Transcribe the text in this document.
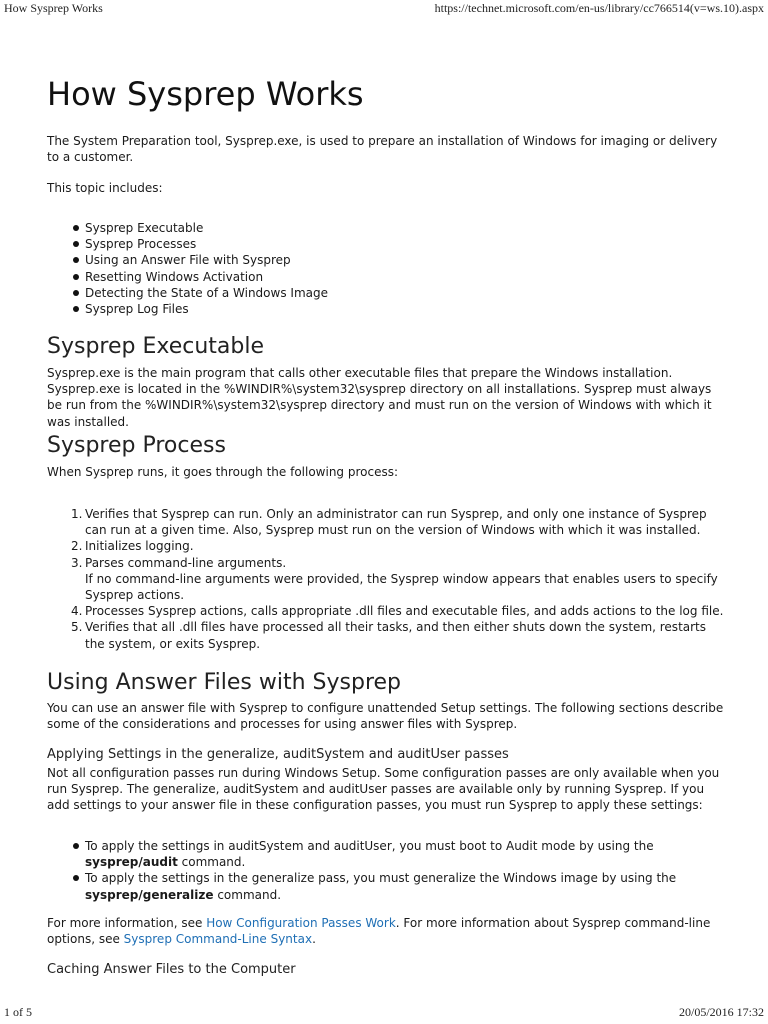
How Sysprep Works	https://technet.microsoft.com/en-us/library/cc766514(v=ws.10).aspx
How Sysprep Works

The System Preparation tool, Sysprep.exe, is used to prepare an installation of Windows for imaging or delivery to a customer.

This topic includes:

Sysprep Executable
Sysprep Processes
Using an Answer File with Sysprep
Resetting Windows Activation
Detecting the State of a Windows Image
Sysprep Log Files
Sysprep Executable

Sysprep.exe is the main program that calls other executable files that prepare the Windows installation. Sysprep.exe is located in the %WINDIR%\system32\sysprep directory on all installations. Sysprep must always be run from the %WINDIR%\system32\sysprep directory and must run on the version of Windows with which it was installed.

Sysprep Process

When Sysprep runs, it goes through the following process:

1. Verifies that Sysprep can run. Only an administrator can run Sysprep, and only one instance of Sysprep can run at a given time. Also, Sysprep must run on the version of Windows with which it was installed.
2. Initializes logging.
3. Parses command-line arguments.
If no command-line arguments were provided, the Sysprep window appears that enables users to specify Sysprep actions.
4. Processes Sysprep actions, calls appropriate .dll files and executable files, and adds actions to the log file.
5. Verifies that all .dll files have processed all their tasks, and then either shuts down the system, restarts the system, or exits Sysprep.
Using Answer Files with Sysprep

You can use an answer file with Sysprep to configure unattended Setup settings. The following sections describe some of the considerations and processes for using answer files with Sysprep.

Applying Settings in the generalize, auditSystem and auditUser passes

Not all configuration passes run during Windows Setup. Some configuration passes are only available when you run Sysprep. The generalize, auditSystem and auditUser passes are available only by running Sysprep. If you add settings to your answer file in these configuration passes, you must run Sysprep to apply these settings:

To apply the settings in auditSystem and auditUser, you must boot to Audit mode by using the sysprep/audit command.
To apply the settings in the generalize pass, you must generalize the Windows image by using the sysprep/generalize command.

For more information, see How Configuration Passes Work. For more information about Sysprep command-line options, see Sysprep Command-Line Syntax.

Caching Answer Files to the Computer
1 of 5	20/05/2016 17:32
